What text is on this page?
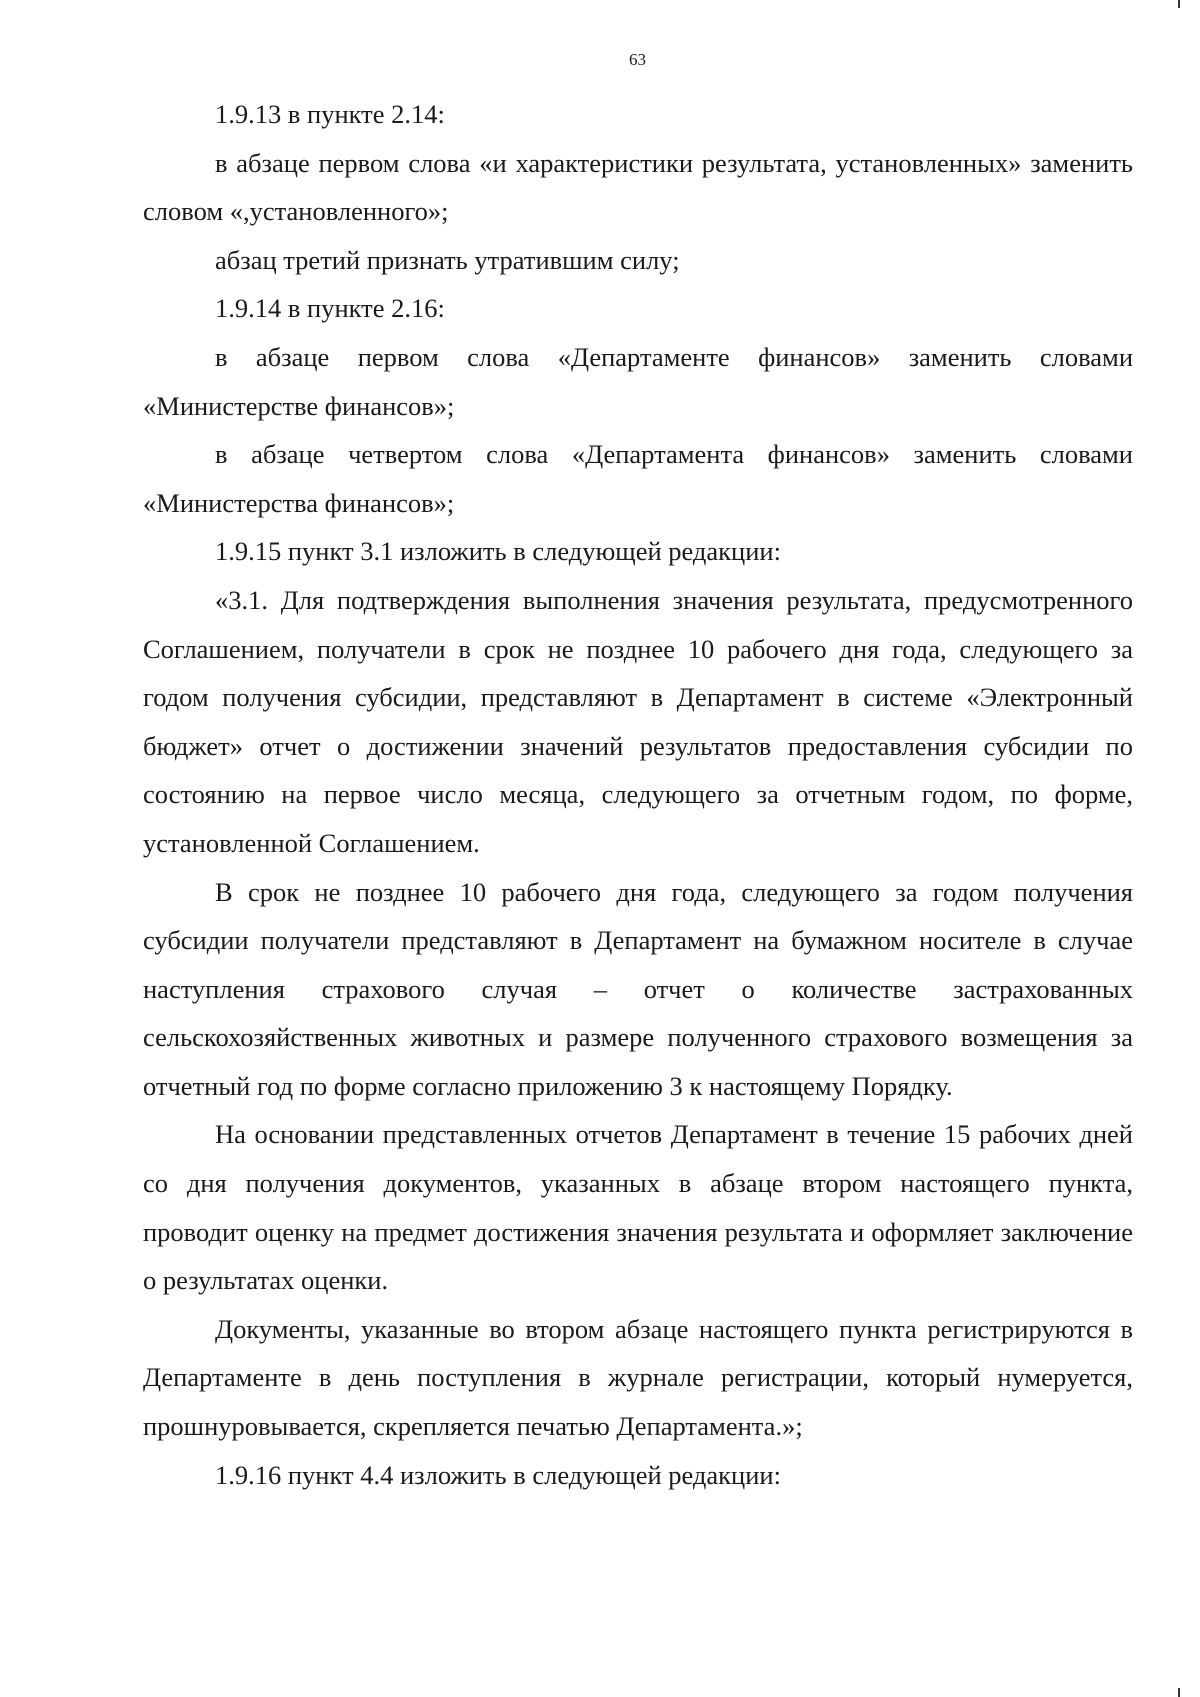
63

1.9.13 в пункте 2.14:

в абзаце первом слова «и характеристики результата, установленных» заменить словом «,установленного»;

абзац третий признать утратившим силу;

1.9.14 в пункте 2.16:

в абзаце первом слова «Департаменте финансов» заменить словами «Министерстве финансов»;

в абзаце четвертом слова «Департамента финансов» заменить словами «Министерства финансов»;

1.9.15 пункт 3.1 изложить в следующей редакции:

«3.1. Для подтверждения выполнения значения результата, предусмотренного Соглашением, получатели в срок не позднее 10 рабочего дня года, следующего за годом получения субсидии, представляют в Департамент в системе «Электронный бюджет» отчет о достижении значений результатов предоставления субсидии по состоянию на первое число месяца, следующего за отчетным годом, по форме, установленной Соглашением.

В срок не позднее 10 рабочего дня года, следующего за годом получения субсидии получатели представляют в Департамент на бумажном носителе в случае наступления страхового случая – отчет о количестве застрахованных сельскохозяйственных животных и размере полученного страхового возмещения за отчетный год по форме согласно приложению 3 к настоящему Порядку.

На основании представленных отчетов Департамент в течение 15 рабочих дней со дня получения документов, указанных в абзаце втором настоящего пункта, проводит оценку на предмет достижения значения результата и оформляет заключение о результатах оценки.

Документы, указанные во втором абзаце настоящего пункта регистрируются в Департаменте в день поступления в журнале регистрации, который нумеруется, прошнуровывается, скрепляется печатью Департамента.»;

1.9.16 пункт 4.4 изложить в следующей редакции:
